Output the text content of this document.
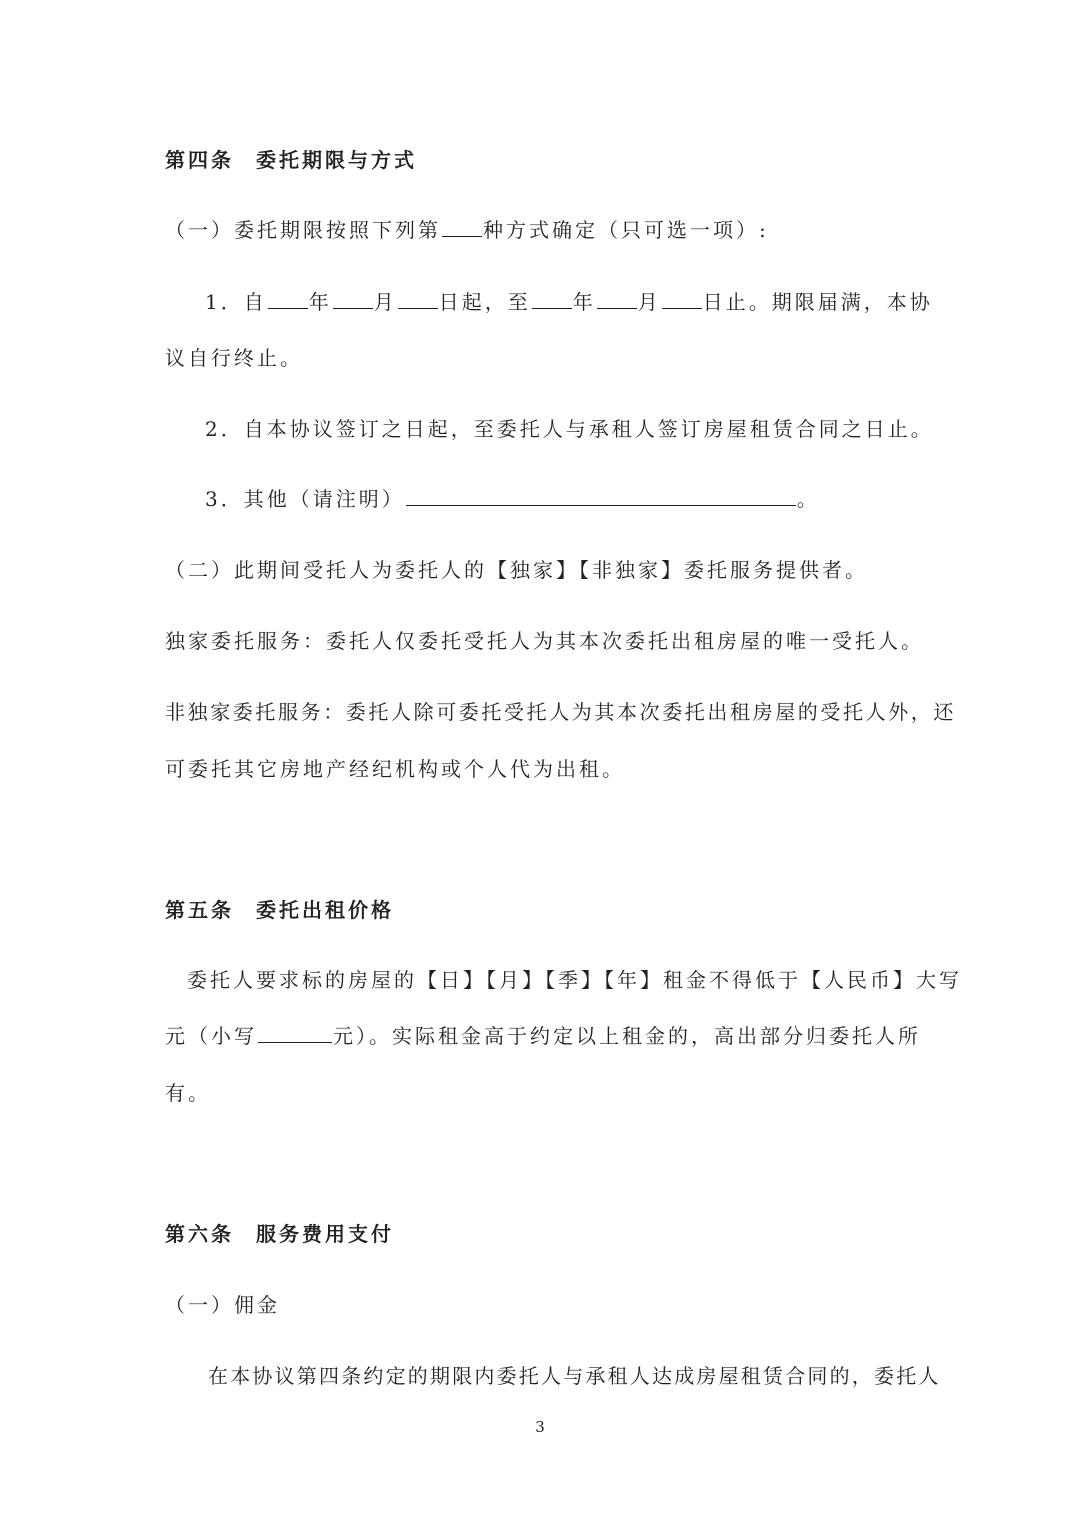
第四条 委托期限与方式
（一）委托期限按照下列第 种方式确定（只可选一项）:
1．自 年 月 日起，至 年 月 日止。期限届满，本协
议自行终止。
2．自本协议签订之日起，至委托人与承租人签订房屋租赁合同之日止。
3．其他（请注明）	。
（二）此期间受托人为委托人的【独家】【非独家】委托服务提供者。
独家委托服务：委托人仅委托受托人为其本次委托出租房屋的唯一受托人。
非独家委托服务：委托人除可委托受托人为其本次委托出租房屋的受托人外，还
可委托其它房地产经纪机构或个人代为出租。
第五条 委托出租价格
委托人要求标的房屋的【日】【月】【季】【年】租金不得低于【人民币】大写
元（小写	元）。实际租金高于约定以上租金的，高出部分归委托人所
有。
第六条 服务费用支付
（一）佣金
在本协议第四条约定的期限内委托人与承租人达成房屋租赁合同的，委托人
3
